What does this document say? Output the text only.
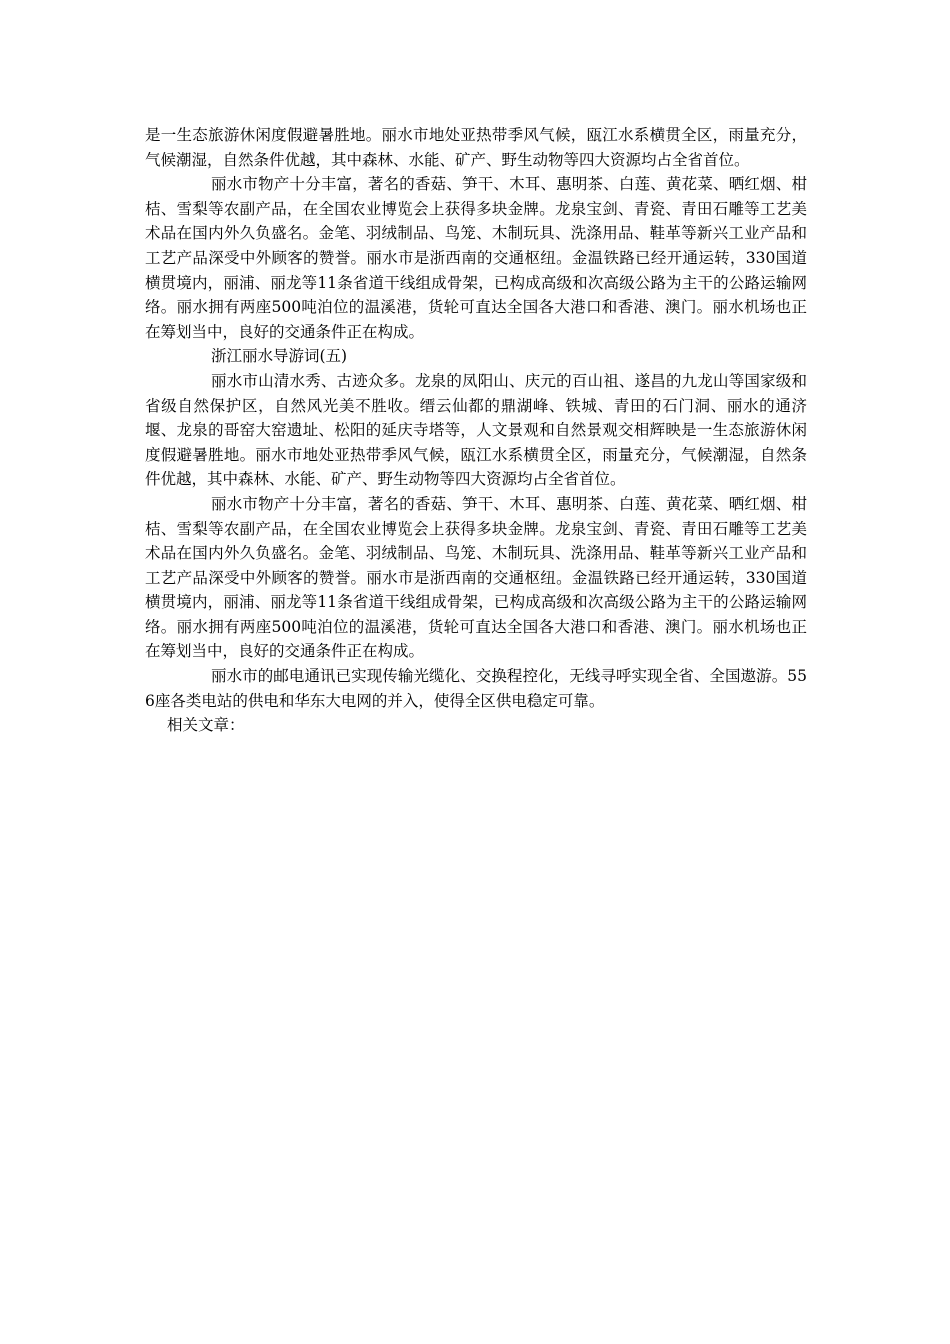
是一生态旅游休闲度假避暑胜地。丽水市地处亚热带季风气候，瓯江水系横贯全区，雨量充分，气候潮湿，自然条件优越，其中森林、水能、矿产、野生动物等四大资源均占全省首位。

丽水市物产十分丰富，著名的香菇、笋干、木耳、惠明茶、白莲、黄花菜、晒红烟、柑桔、雪梨等农副产品，在全国农业博览会上获得多块金牌。龙泉宝剑、青瓷、青田石雕等工艺美术品在国内外久负盛名。金笔、羽绒制品、鸟笼、木制玩具、洗涤用品、鞋革等新兴工业产品和工艺产品深受中外顾客的赞誉。丽水市是浙西南的交通枢纽。金温铁路已经开通运转，330国道横贯境内，丽浦、丽龙等11条省道干线组成骨架，已构成高级和次高级公路为主干的公路运输网络。丽水拥有两座500吨泊位的温溪港，货轮可直达全国各大港口和香港、澳门。丽水机场也正在筹划当中，良好的交通条件正在构成。

浙江丽水导游词(五)

丽水市山清水秀、古迹众多。龙泉的凤阳山、庆元的百山祖、遂昌的九龙山等国家级和省级自然保护区，自然风光美不胜收。缙云仙都的鼎湖峰、铁城、青田的石门洞、丽水的通济堰、龙泉的哥窑大窑遗址、松阳的延庆寺塔等，人文景观和自然景观交相辉映是一生态旅游休闲度假避暑胜地。丽水市地处亚热带季风气候，瓯江水系横贯全区，雨量充分，气候潮湿，自然条件优越，其中森林、水能、矿产、野生动物等四大资源均占全省首位。

丽水市物产十分丰富，著名的香菇、笋干、木耳、惠明茶、白莲、黄花菜、晒红烟、柑桔、雪梨等农副产品，在全国农业博览会上获得多块金牌。龙泉宝剑、青瓷、青田石雕等工艺美术品在国内外久负盛名。金笔、羽绒制品、鸟笼、木制玩具、洗涤用品、鞋革等新兴工业产品和工艺产品深受中外顾客的赞誉。丽水市是浙西南的交通枢纽。金温铁路已经开通运转，330国道横贯境内，丽浦、丽龙等11条省道干线组成骨架，已构成高级和次高级公路为主干的公路运输网络。丽水拥有两座500吨泊位的温溪港，货轮可直达全国各大港口和香港、澳门。丽水机场也正在筹划当中，良好的交通条件正在构成。

丽水市的邮电通讯已实现传输光缆化、交换程控化，无线寻呼实现全省、全国遨游。556座各类电站的供电和华东大电网的并入，使得全区供电稳定可靠。

相关文章：
